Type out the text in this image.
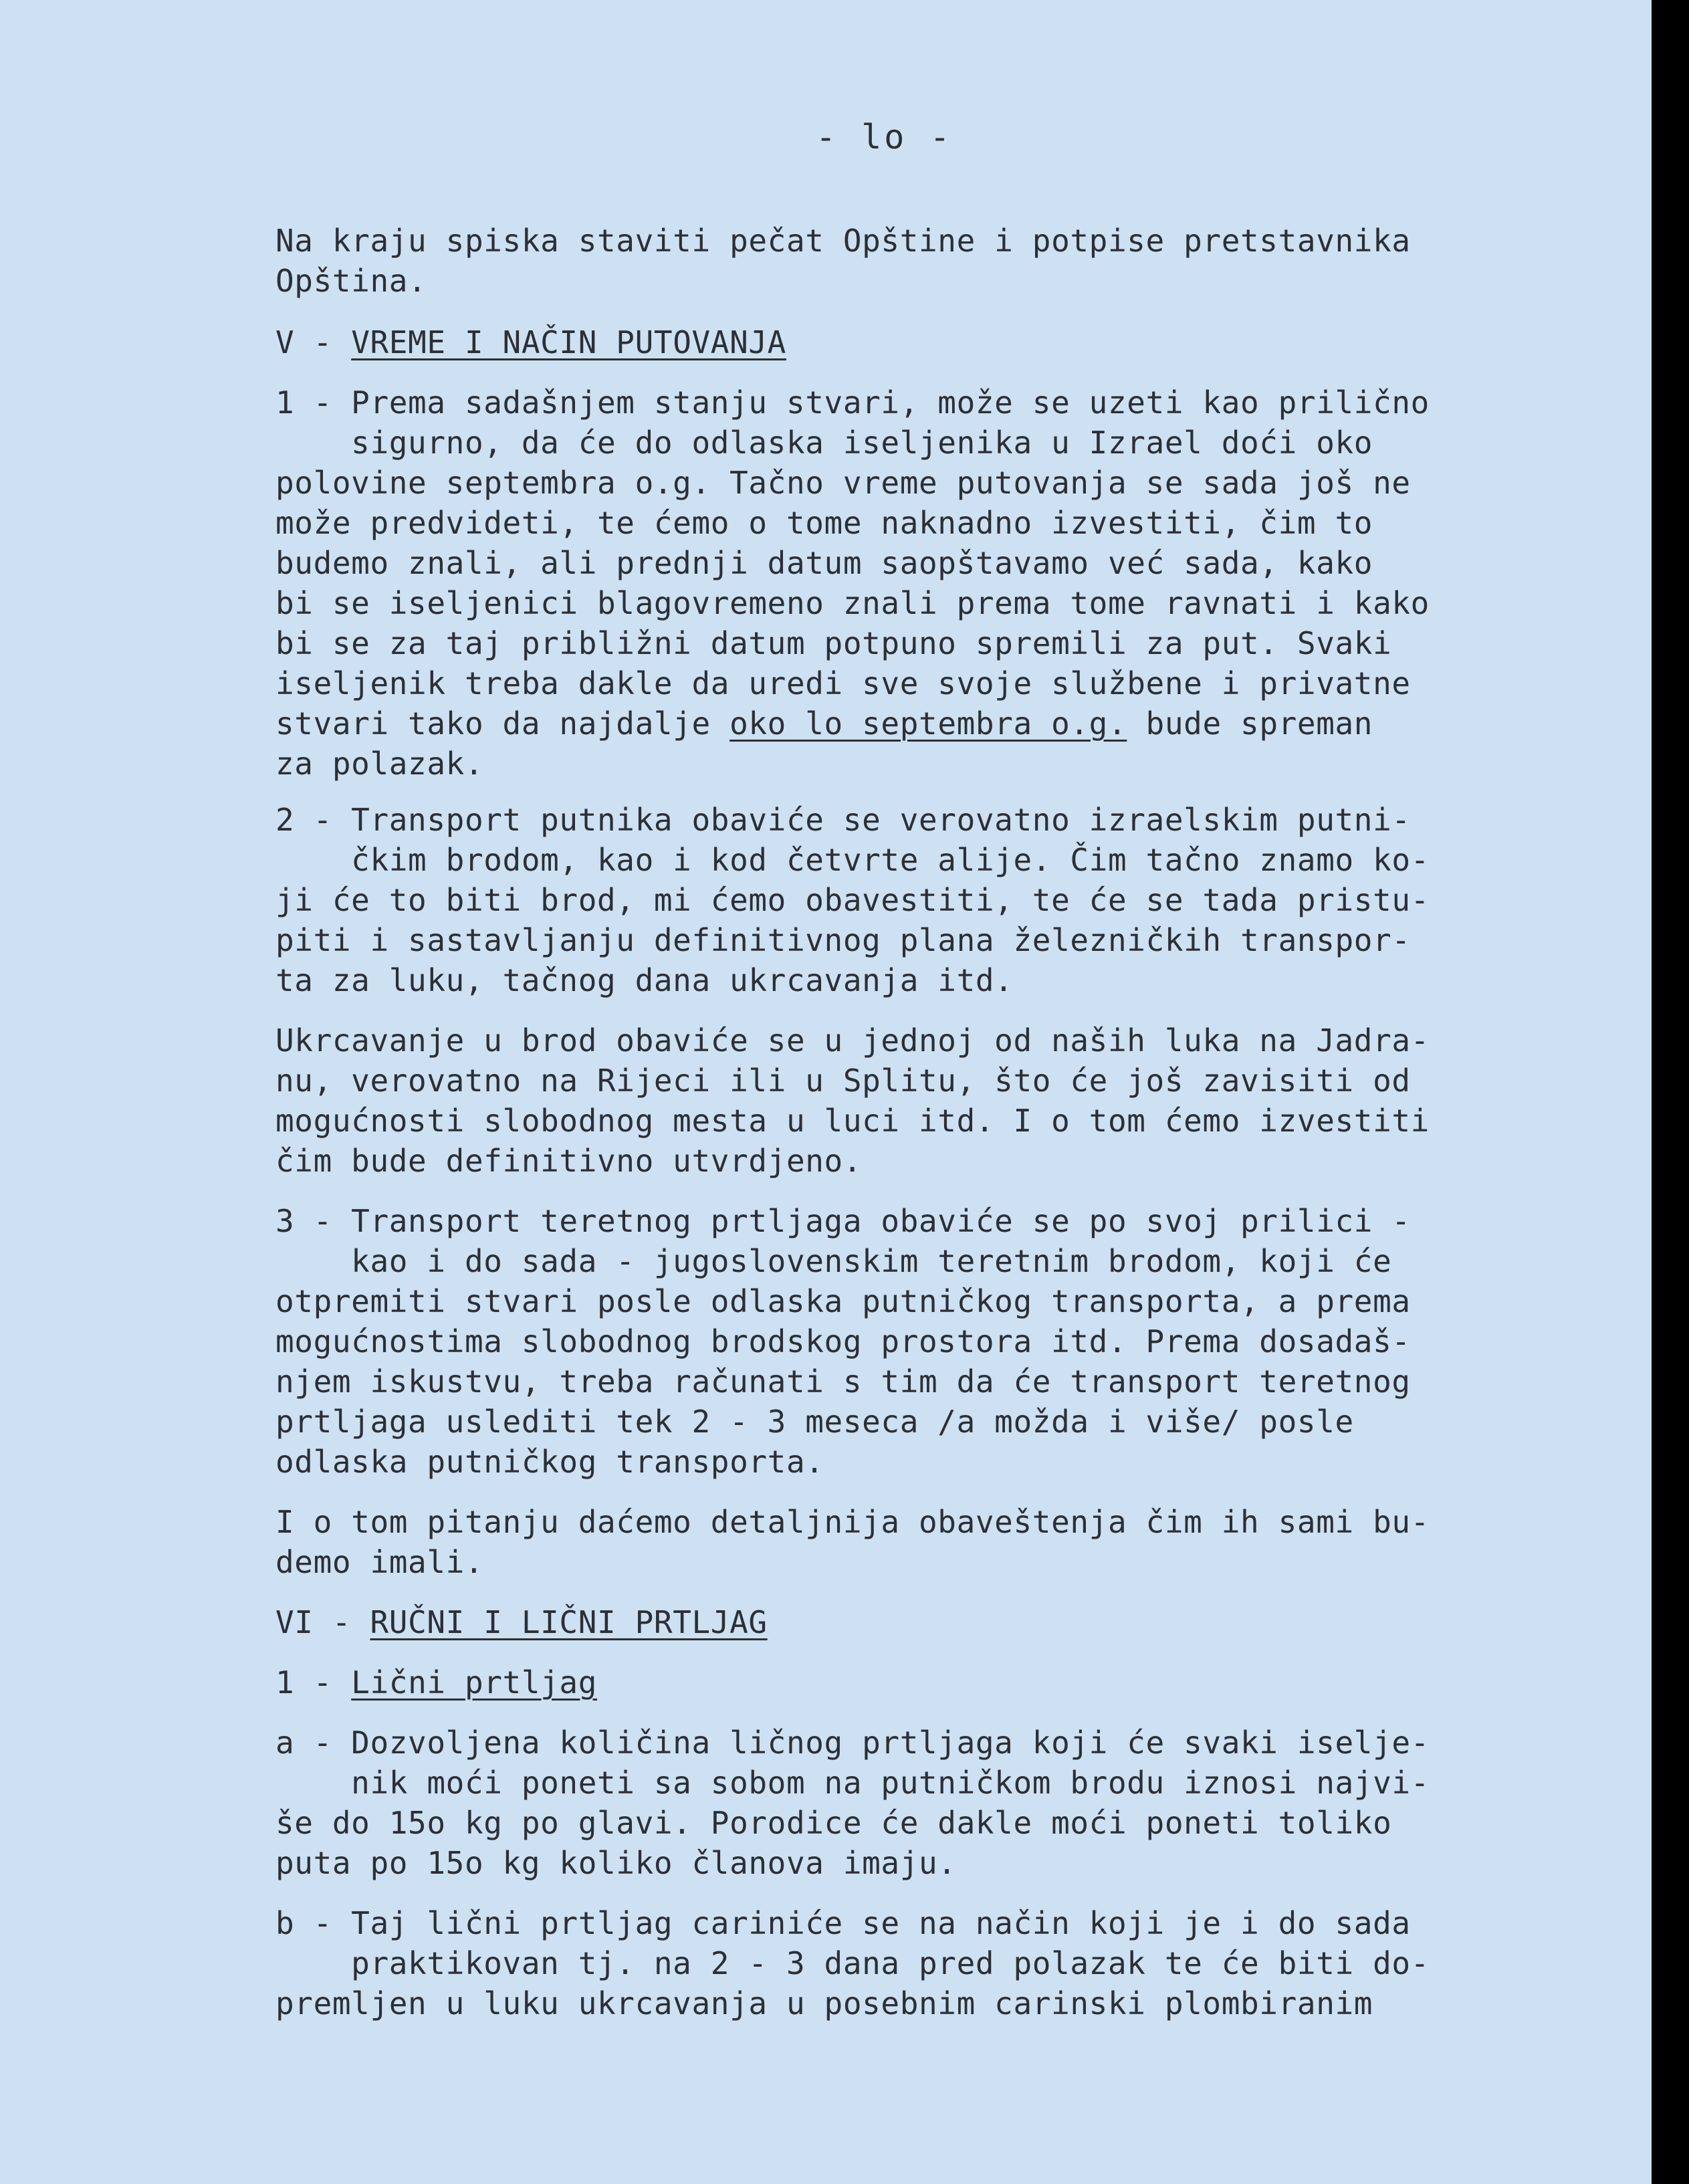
- lo -

Na kraju spiska staviti pečat Opštine i potpise pretstavnika
Opština.

V - VREME I NAČIN PUTOVANJA

1 - Prema sadašnjem stanju stvari, može se uzeti kao prilično
sigurno, da će do odlaska iseljenika u Izrael doći oko
polovine septembra o.g. Tačno vreme putovanja se sada još ne
može predvideti, te ćemo o tome naknadno izvestiti, čim to
budemo znali, ali prednji datum saopštavamo već sada, kako
bi se iseljenici blagovremeno znali prema tome ravnati i kako
bi se za taj približni datum potpuno spremili za put. Svaki
iseljenik treba dakle da uredi sve svoje službene i privatne
stvari tako da najdalje oko lo septembra o.g. bude spreman
za polazak.

2 - Transport putnika obaviće se verovatno izraelskim putni-
čkim brodom, kao i kod četvrte alije. Čim tačno znamo ko-
ji će to biti brod, mi ćemo obavestiti, te će se tada pristu-
piti i sastavljanju definitivnog plana železničkih transpor-
ta za luku, tačnog dana ukrcavanja itd.

Ukrcavanje u brod obaviće se u jednoj od naših luka na Jadra-
nu, verovatno na Rijeci ili u Splitu, što će još zavisiti od
mogućnosti slobodnog mesta u luci itd. I o tom ćemo izvestiti
čim bude definitivno utvrdjeno.

3 - Transport teretnog prtljaga obaviće se po svoj prilici -
kao i do sada - jugoslovenskim teretnim brodom, koji će
otpremiti stvari posle odlaska putničkog transporta, a prema
mogućnostima slobodnog brodskog prostora itd. Prema dosadaš-
njem iskustvu, treba računati s tim da će transport teretnog
prtljaga uslediti tek 2 - 3 meseca /a možda i više/ posle
odlaska putničkog transporta.

I o tom pitanju daćemo detaljnija obaveštenja čim ih sami bu-
demo imali.

VI - RUČNI I LIČNI PRTLJAG

1 - Lični prtljag

a - Dozvoljena količina ličnog prtljaga koji će svaki iselje-
nik moći poneti sa sobom na putničkom brodu iznosi najvi-
še do 15o kg po glavi. Porodice će dakle moći poneti toliko
puta po 15o kg koliko članova imaju.

b - Taj lični prtljag cariniće se na način koji je i do sada
praktikovan tj. na 2 - 3 dana pred polazak te će biti do-
premljen u luku ukrcavanja u posebnim carinski plombiranim
